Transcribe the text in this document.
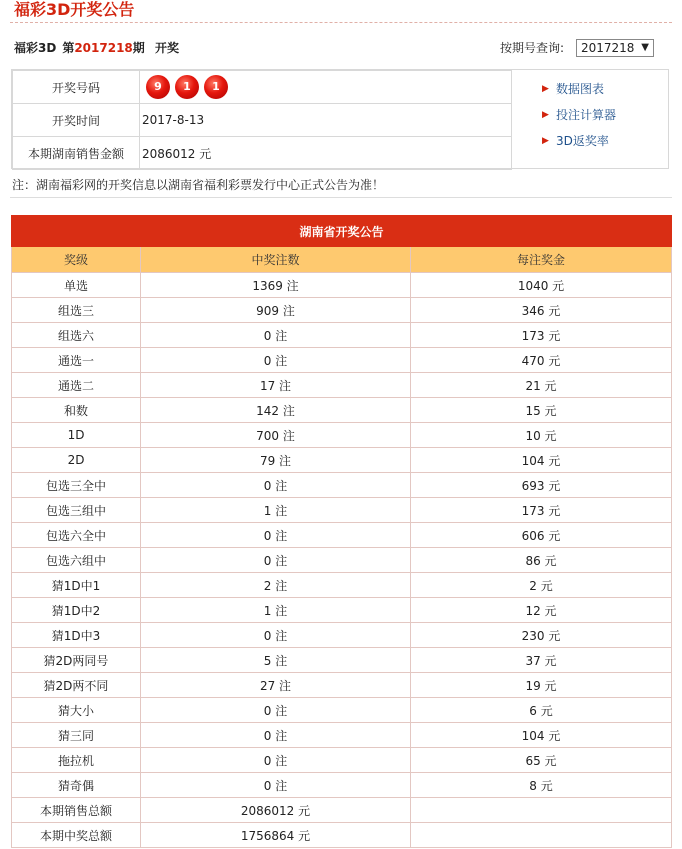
福彩3D开奖公告
福彩3D 第2017218期 开奖	按期号查询: 2017218 ▼
开奖号码	9 1 1
开奖时间	2017-8-13
本期湖南销售金额	2086012 元
▶ 数据图表
▶ 投注计算器
▶ 3D返奖率
注：湖南福彩网的开奖信息以湖南省福利彩票发行中心正式公告为准！
湖南省开奖公告		
奖级	中奖注数	每注奖金
单选	1369 注	1040 元
组选三	909 注	346 元
组选六	0 注	173 元
通选一	0 注	470 元
通选二	17 注	21 元
和数	142 注	15 元
1D	700 注	10 元
2D	79 注	104 元
包选三全中	0 注	693 元
包选三组中	1 注	173 元
包选六全中	0 注	606 元
包选六组中	0 注	86 元
猜1D中1	2 注	2 元
猜1D中2	1 注	12 元
猜1D中3	0 注	230 元
猜2D两同号	5 注	37 元
猜2D两不同	27 注	19 元
猜大小	0 注	6 元
猜三同	0 注	104 元
拖拉机	0 注	65 元
猜奇偶	0 注	8 元
本期销售总额	2086012 元	
本期中奖总额	1756864 元	
